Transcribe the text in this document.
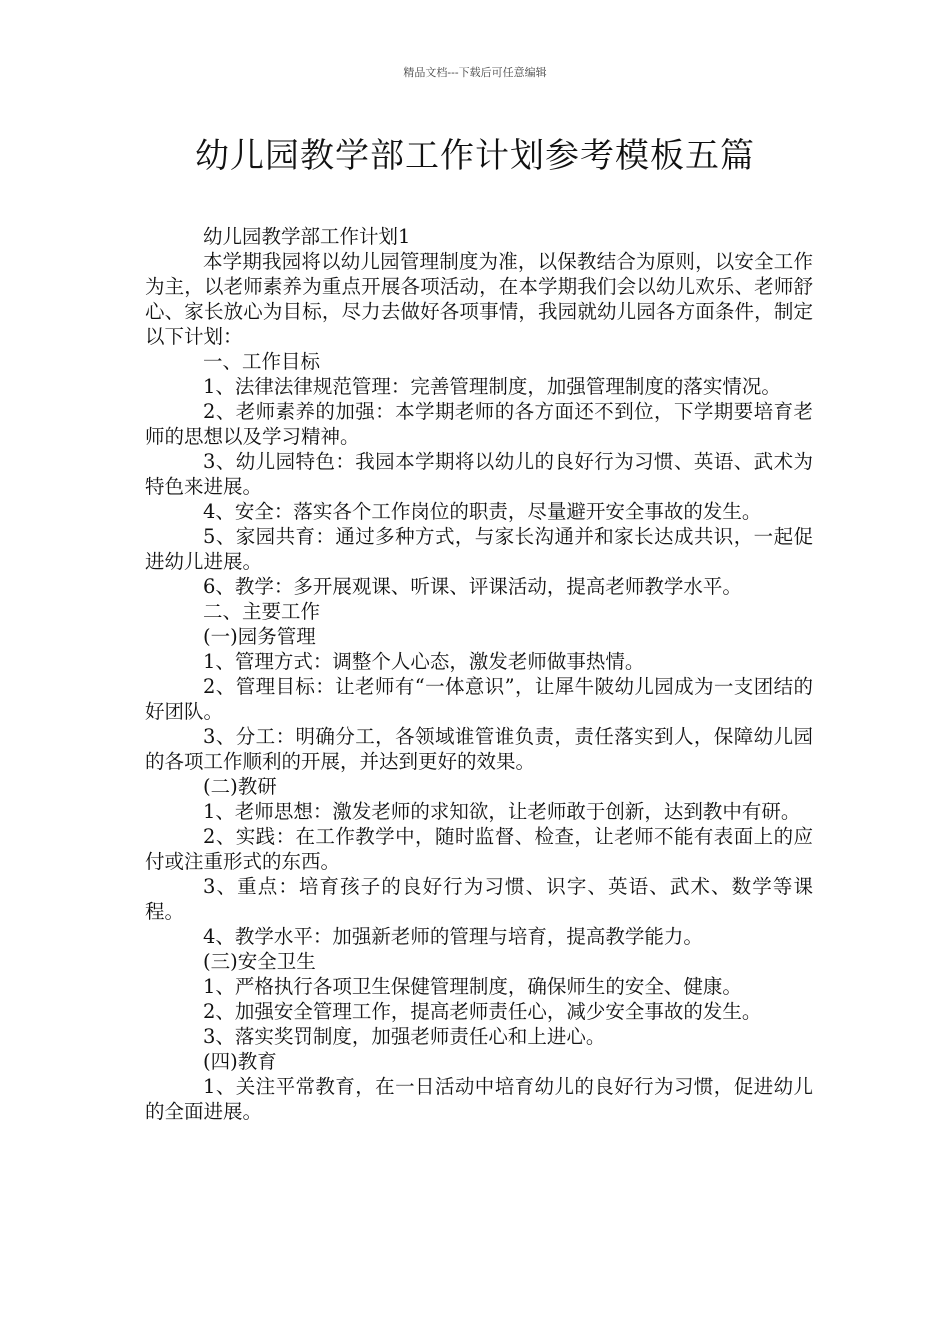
精品文档---下载后可任意编辑
幼儿园教学部工作计划参考模板五篇

幼儿园教学部工作计划1

本学期我园将以幼儿园管理制度为准，以保教结合为原则，以安全工作为主，以老师素养为重点开展各项活动，在本学期我们会以幼儿欢乐、老师舒心、家长放心为目标，尽力去做好各项事情，我园就幼儿园各方面条件，制定以下计划：

一、工作目标

1、法律法律规范管理：完善管理制度，加强管理制度的落实情况。

2、老师素养的加强：本学期老师的各方面还不到位，下学期要培育老师的思想以及学习精神。

3、幼儿园特色：我园本学期将以幼儿的良好行为习惯、英语、武术为特色来进展。

4、安全：落实各个工作岗位的职责，尽量避开安全事故的发生。

5、家园共育：通过多种方式，与家长沟通并和家长达成共识，一起促进幼儿进展。

6、教学：多开展观课、听课、评课活动，提高老师教学水平。

二、主要工作

(一)园务管理

1、管理方式：调整个人心态，激发老师做事热情。

2、管理目标：让老师有“一体意识”，让犀牛陂幼儿园成为一支团结的好团队。

3、分工：明确分工，各领域谁管谁负责，责任落实到人，保障幼儿园的各项工作顺利的开展，并达到更好的效果。

(二)教研

1、老师思想：激发老师的求知欲，让老师敢于创新，达到教中有研。

2、实践：在工作教学中，随时监督、检查，让老师不能有表面上的应付或注重形式的东西。

3、重点：培育孩子的良好行为习惯、识字、英语、武术、数学等课程。

4、教学水平：加强新老师的管理与培育，提高教学能力。

(三)安全卫生

1、严格执行各项卫生保健管理制度，确保师生的安全、健康。

2、加强安全管理工作，提高老师责任心，减少安全事故的发生。

3、落实奖罚制度，加强老师责任心和上进心。

(四)教育

1、关注平常教育，在一日活动中培育幼儿的良好行为习惯，促进幼儿的全面进展。
